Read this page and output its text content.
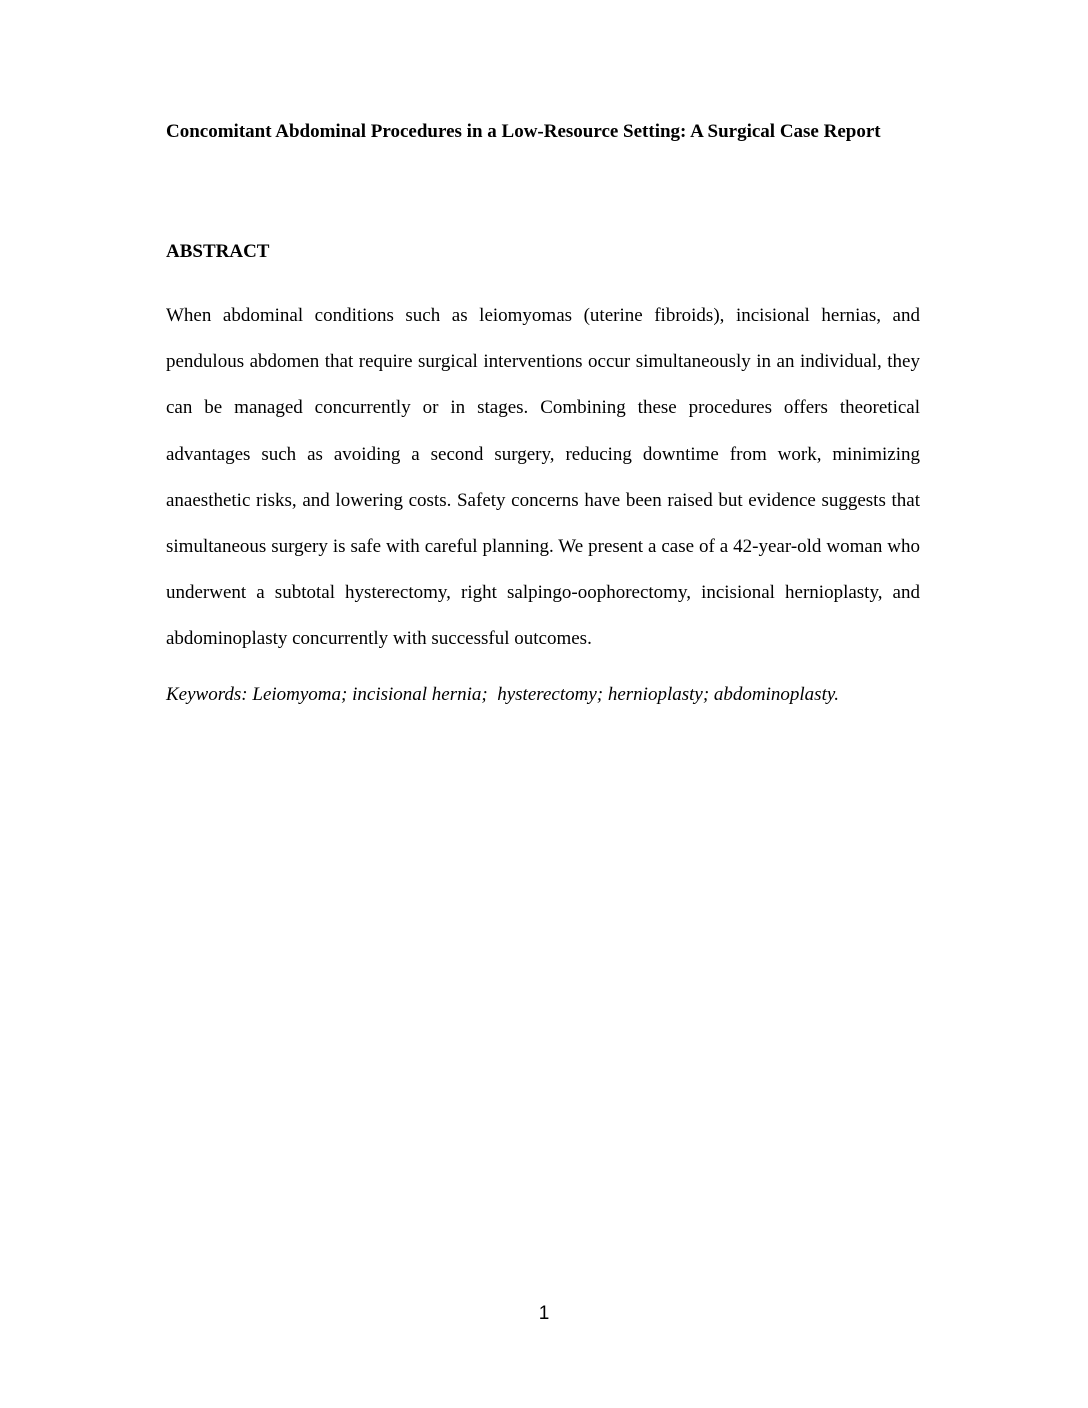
Concomitant Abdominal Procedures in a Low-Resource Setting: A Surgical Case Report
ABSTRACT

When abdominal conditions such as leiomyomas (uterine fibroids), incisional hernias, and pendulous abdomen that require surgical interventions occur simultaneously in an individual, they can be managed concurrently or in stages. Combining these procedures offers theoretical advantages such as avoiding a second surgery, reducing downtime from work, minimizing anaesthetic risks, and lowering costs. Safety concerns have been raised but evidence suggests that simultaneous surgery is safe with careful planning. We present a case of a 42-year-old woman who underwent a subtotal hysterectomy, right salpingo-oophorectomy, incisional hernioplasty, and abdominoplasty concurrently with successful outcomes.

Keywords: Leiomyoma; incisional hernia;  hysterectomy; hernioplasty; abdominoplasty.

1
